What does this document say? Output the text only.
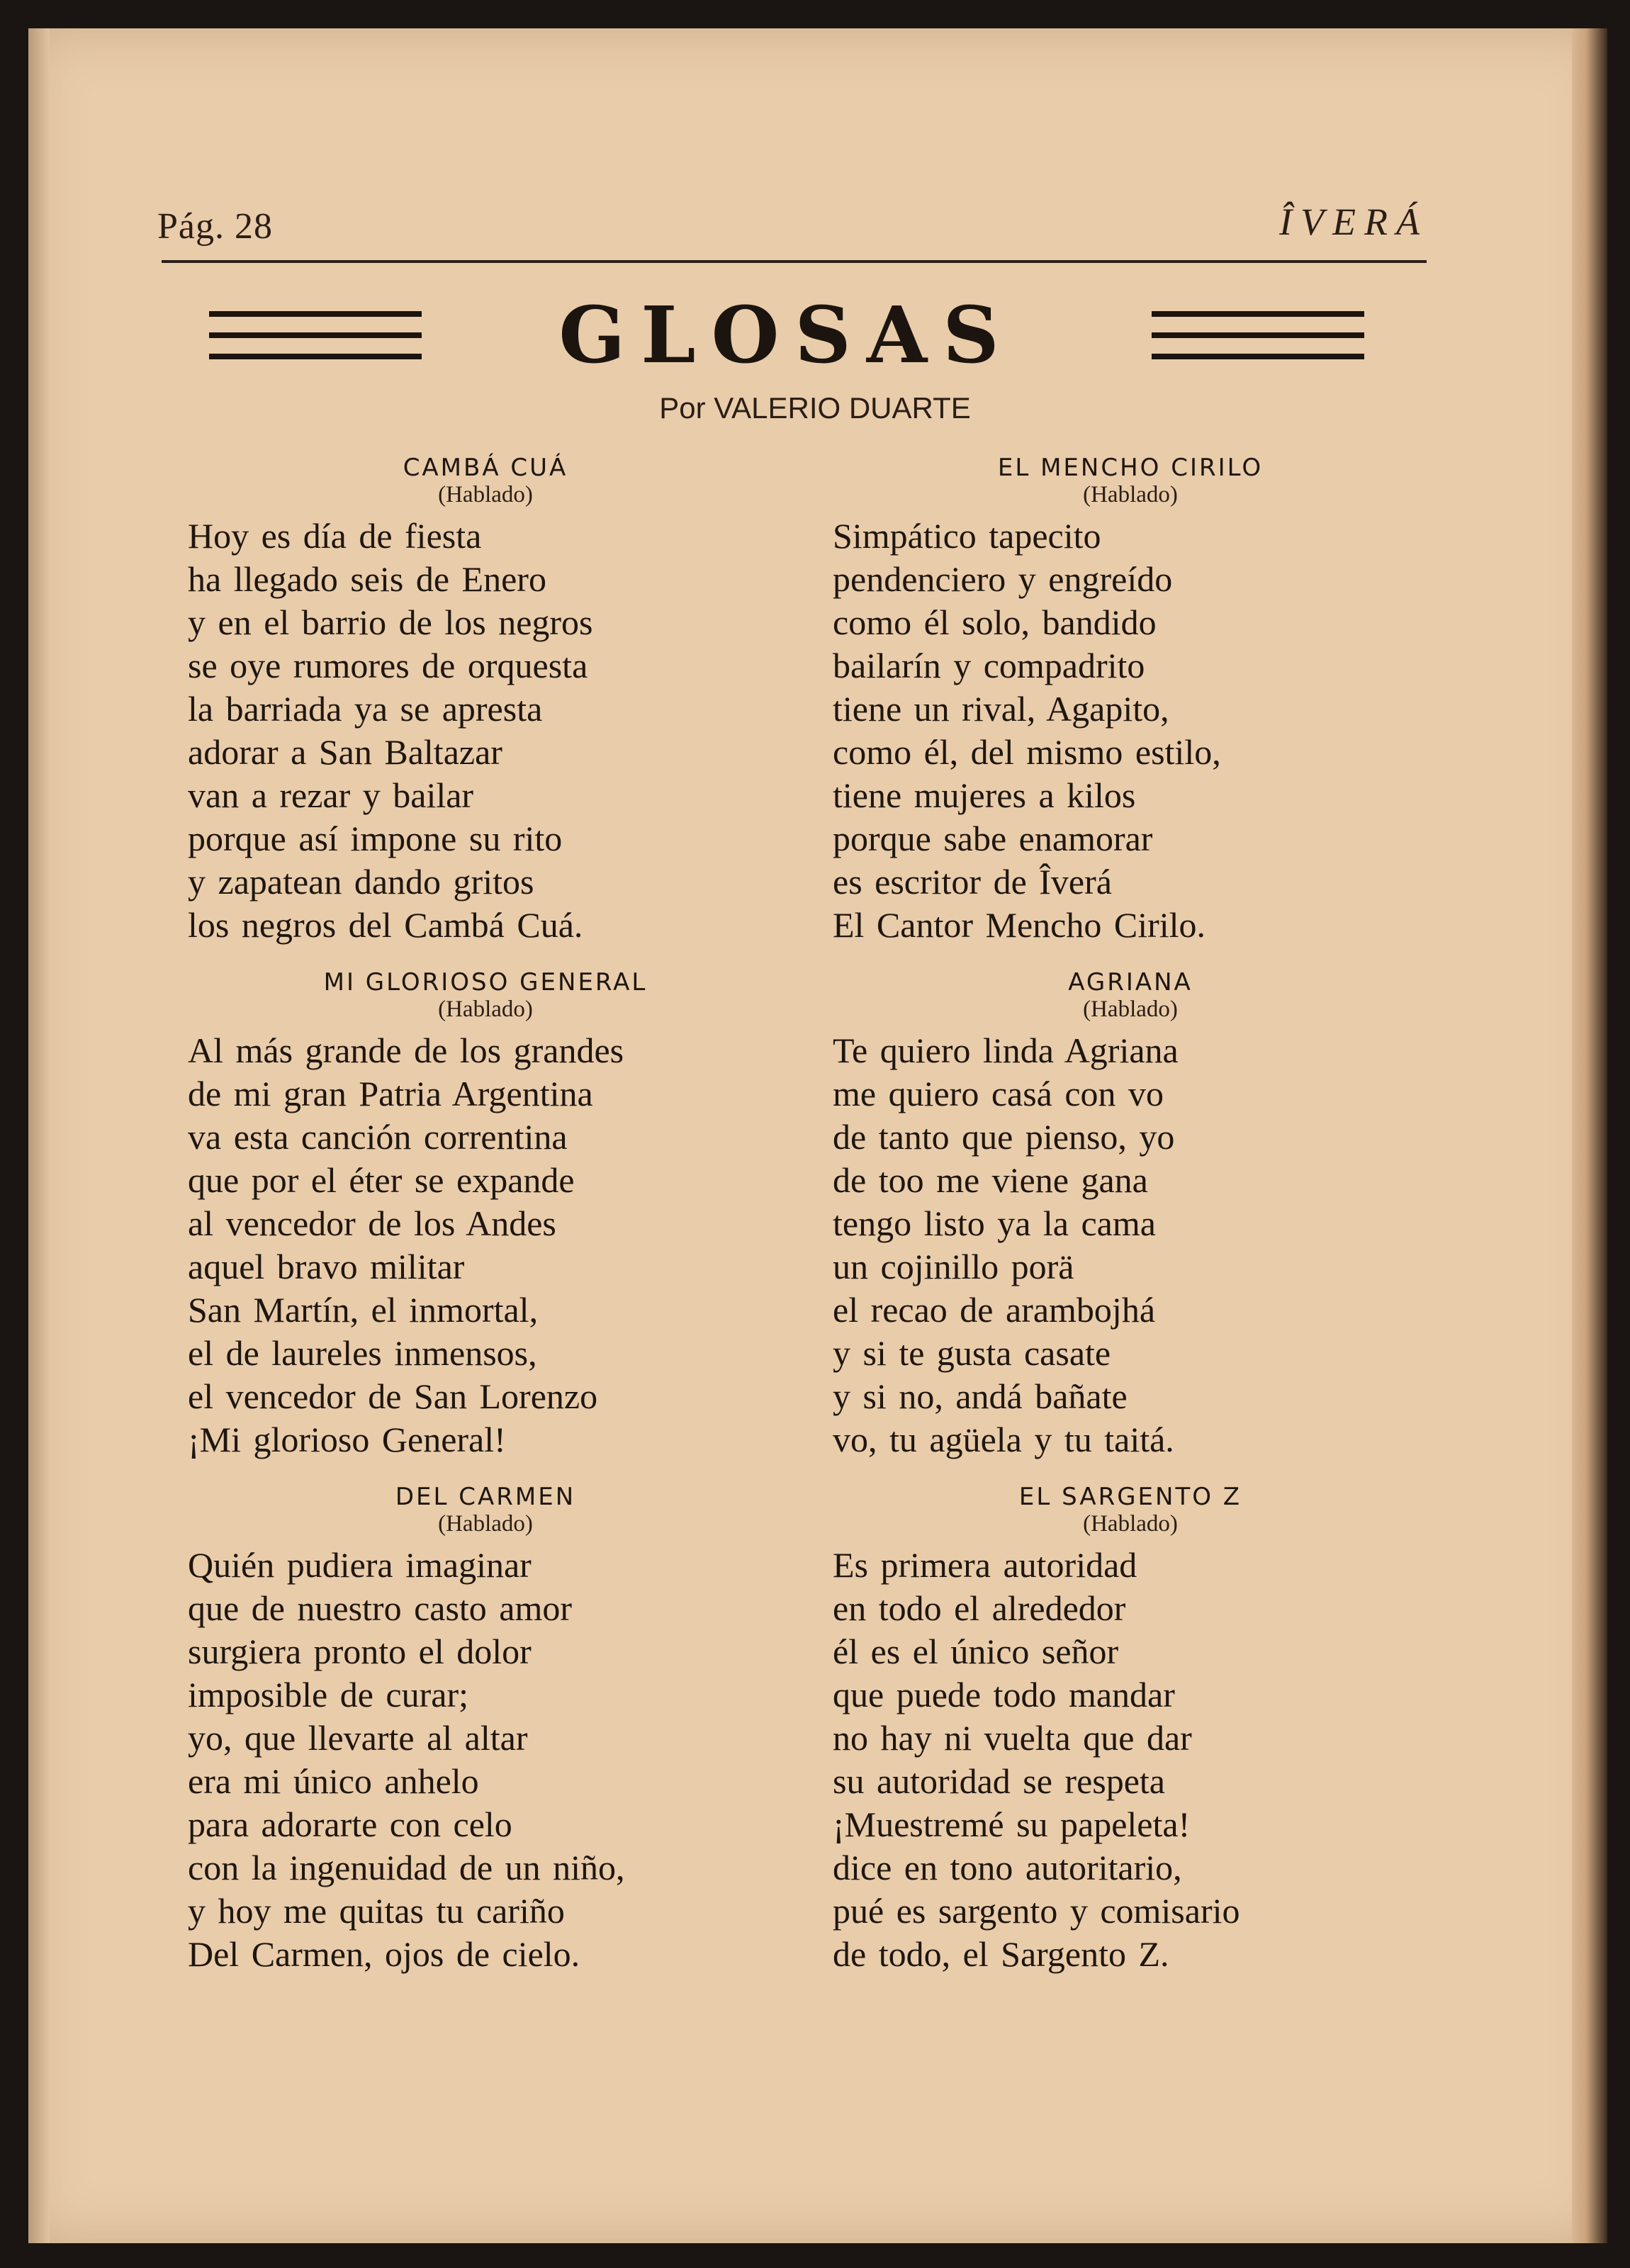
Pág. 28	ÎVERÁ
GLOSAS
Por VALERIO DUARTE
CAMBÁ CUÁ
(Hablado)
Hoy es día de fiesta
ha llegado seis de Enero
y en el barrio de los negros
se oye rumores de orquesta
la barriada ya se apresta
adorar a San Baltazar
van a rezar y bailar
porque así impone su rito
y zapatean dando gritos
los negros del Cambá Cuá.
MI GLORIOSO GENERAL
(Hablado)
Al más grande de los grandes
de mi gran Patria Argentina
va esta canción correntina
que por el éter se expande
al vencedor de los Andes
aquel bravo militar
San Martín, el inmortal,
el de laureles inmensos,
el vencedor de San Lorenzo
¡Mi glorioso General!
DEL CARMEN
(Hablado)
Quién pudiera imaginar
que de nuestro casto amor
surgiera pronto el dolor
imposible de curar;
yo, que llevarte al altar
era mi único anhelo
para adorarte con celo
con la ingenuidad de un niño,
y hoy me quitas tu cariño
Del Carmen, ojos de cielo.
EL MENCHO CIRILO
(Hablado)
Simpático tapecito
pendenciero y engreído
como él solo, bandido
bailarín y compadrito
tiene un rival, Agapito,
como él, del mismo estilo,
tiene mujeres a kilos
porque sabe enamorar
es escritor de Îverá
El Cantor Mencho Cirilo.
AGRIANA
(Hablado)
Te quiero linda Agriana
me quiero casá con vo
de tanto que pienso, yo
de too me viene gana
tengo listo ya la cama
un cojinillo porä
el recao de arambojhá
y si te gusta casate
y si no, andá bañate
vo, tu agüela y tu taitá.
EL SARGENTO Z
(Hablado)
Es primera autoridad
en todo el alrededor
él es el único señor
que puede todo mandar
no hay ni vuelta que dar
su autoridad se respeta
¡Muestremé su papeleta!
dice en tono autoritario,
pué es sargento y comisario
de todo, el Sargento Z.
